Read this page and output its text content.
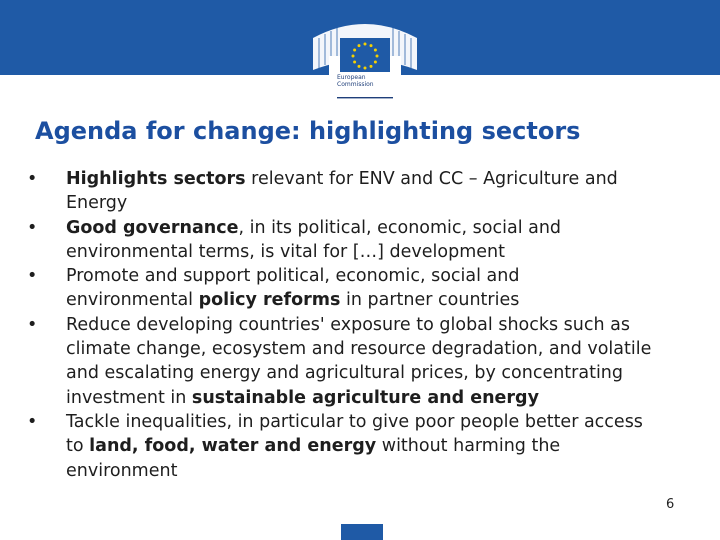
European
Commission
Agenda for change: highlighting sectors
•	Highlights sectors relevant for ENV and CC – Agriculture and
Energy
•	Good governance, in its political, economic, social and
environmental terms, is vital for […] development
•	Promote and support political, economic, social and
environmental policy reforms in partner countries
•	Reduce developing countries' exposure to global shocks such as
climate change, ecosystem and resource degradation, and volatile
and escalating energy and agricultural prices, by concentrating
investment in sustainable agriculture and energy
•	Tackle inequalities, in particular to give poor people better access
to land, food, water and energy without harming the
environment
6
